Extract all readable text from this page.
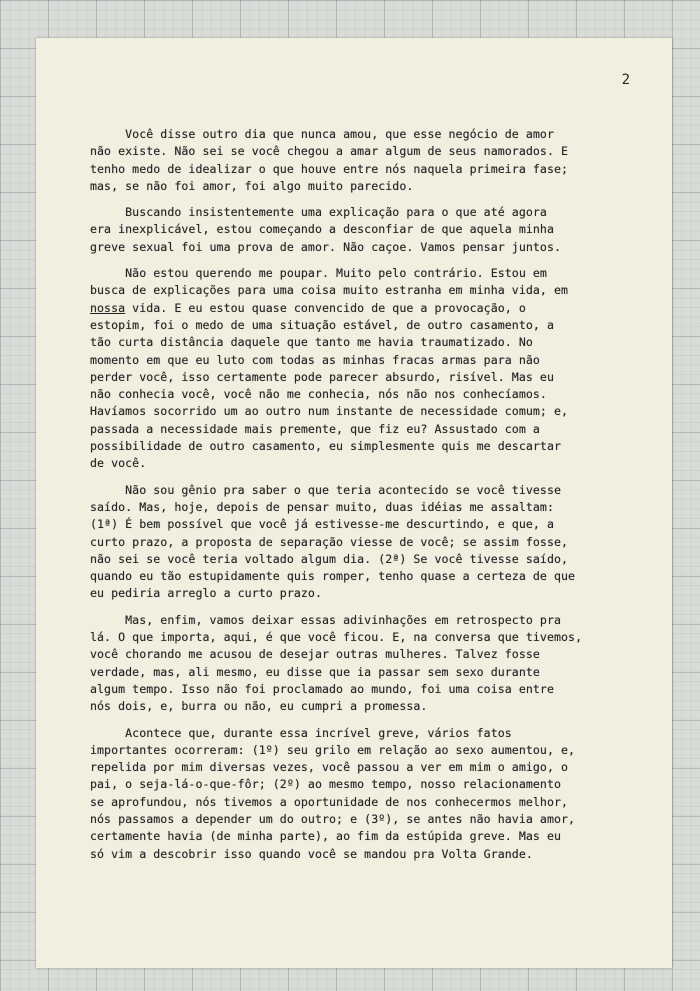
2
Você disse outro dia que nunca amou, que esse negócio de amor
não existe. Não sei se você chegou a amar algum de seus namorados. E
tenho medo de idealizar o que houve entre nós naquela primeira fase;
mas, se não foi amor, foi algo muito parecido.
Buscando insistentemente uma explicação para o que até agora
era inexplicável, estou começando a desconfiar de que aquela minha
greve sexual foi uma prova de amor. Não caçoe. Vamos pensar juntos.
Não estou querendo me poupar. Muito pelo contrário. Estou em
busca de explicações para uma coisa muito estranha em minha vida, em
nossa vida. E eu estou quase convencido de que a provocação, o
estopim, foi o medo de uma situação estável, de outro casamento, a
tão curta distância daquele que tanto me havia traumatizado. No
momento em que eu luto com todas as minhas fracas armas para não
perder você, isso certamente pode parecer absurdo, risível. Mas eu
não conhecia você, você não me conhecia, nós não nos conhecíamos.
Havíamos socorrido um ao outro num instante de necessidade comum; e,
passada a necessidade mais premente, que fiz eu? Assustado com a
possibilidade de outro casamento, eu simplesmente quis me descartar
de você.
Não sou gênio pra saber o que teria acontecido se você tivesse
saído. Mas, hoje, depois de pensar muito, duas idéias me assaltam:
(1ª) É bem possível que você já estivesse-me descurtindo, e que, a
curto prazo, a proposta de separação viesse de você; se assim fosse,
não sei se você teria voltado algum dia. (2ª) Se você tivesse saído,
quando eu tão estupidamente quis romper, tenho quase a certeza de que
eu pediria arreglo a curto prazo.
Mas, enfim, vamos deixar essas adivinhações em retrospecto pra
lá. O que importa, aqui, é que você ficou. E, na conversa que tivemos,
você chorando me acusou de desejar outras mulheres. Talvez fosse
verdade, mas, ali mesmo, eu disse que ia passar sem sexo durante
algum tempo. Isso não foi proclamado ao mundo, foi uma coisa entre
nós dois, e, burra ou não, eu cumpri a promessa.
Acontece que, durante essa incrível greve, vários fatos
importantes ocorreram: (1º) seu grilo em relação ao sexo aumentou, e,
repelida por mim diversas vezes, você passou a ver em mim o amigo, o
pai, o seja-lá-o-que-fôr; (2º) ao mesmo tempo, nosso relacionamento
se aprofundou, nós tivemos a oportunidade de nos conhecermos melhor,
nós passamos a depender um do outro; e (3º), se antes não havia amor,
certamente havia (de minha parte), ao fim da estúpida greve. Mas eu
só vim a descobrir isso quando você se mandou pra Volta Grande.
